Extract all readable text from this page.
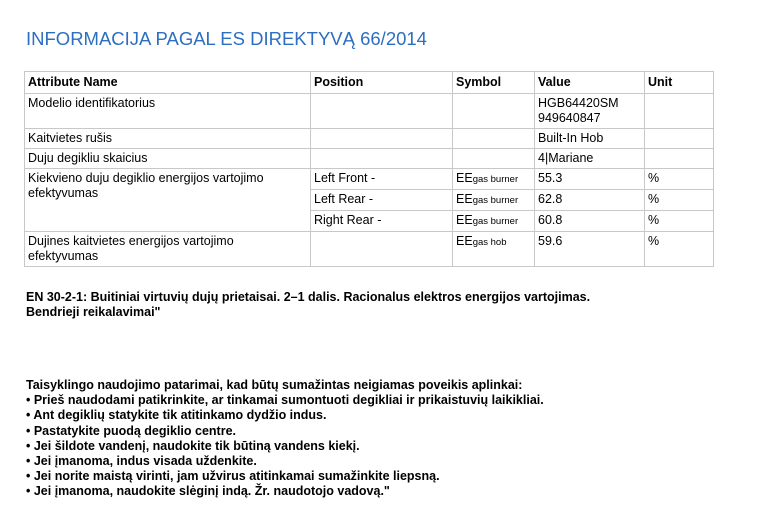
INFORMACIJA PAGAL ES DIREKTYVĄ 66/2014
Attribute Name	Position	Symbol	Value	Unit
Modelio identifikatorius			HGB64420SM
949640847	

Kaitvietes rušis			Built-In Hob	
Duju degikliu skaicius			4|Mariane	
Kiekvieno duju degiklio energijos vartojimo efektyvumas	Left Front -	EEgas burner	55.3	%
	Left Rear -	EEgas burner	62.8	%
	Right Rear -	EEgas burner	60.8	%
Dujines kaitvietes energijos vartojimo efektyvumas		EEgas hob	59.6	%
EN 30-2-1: Buitiniai virtuvių dujų prietaisai. 2–1 dalis. Racionalus elektros energijos vartojimas.
Bendrieji reikalavimai"
Taisyklingo naudojimo patarimai, kad būtų sumažintas neigiamas poveikis aplinkai:
• Prieš naudodami patikrinkite, ar tinkamai sumontuoti degikliai ir prikaistuvių laikikliai.
• Ant degiklių statykite tik atitinkamo dydžio indus.
• Pastatykite puodą degiklio centre.
• Jei šildote vandenį, naudokite tik būtiną vandens kiekį.
• Jei įmanoma, indus visada uždenkite.
• Jei norite maistą virinti, jam užvirus atitinkamai sumažinkite liepsną.
• Jei įmanoma, naudokite slėginį indą. Žr. naudotojo vadovą."
